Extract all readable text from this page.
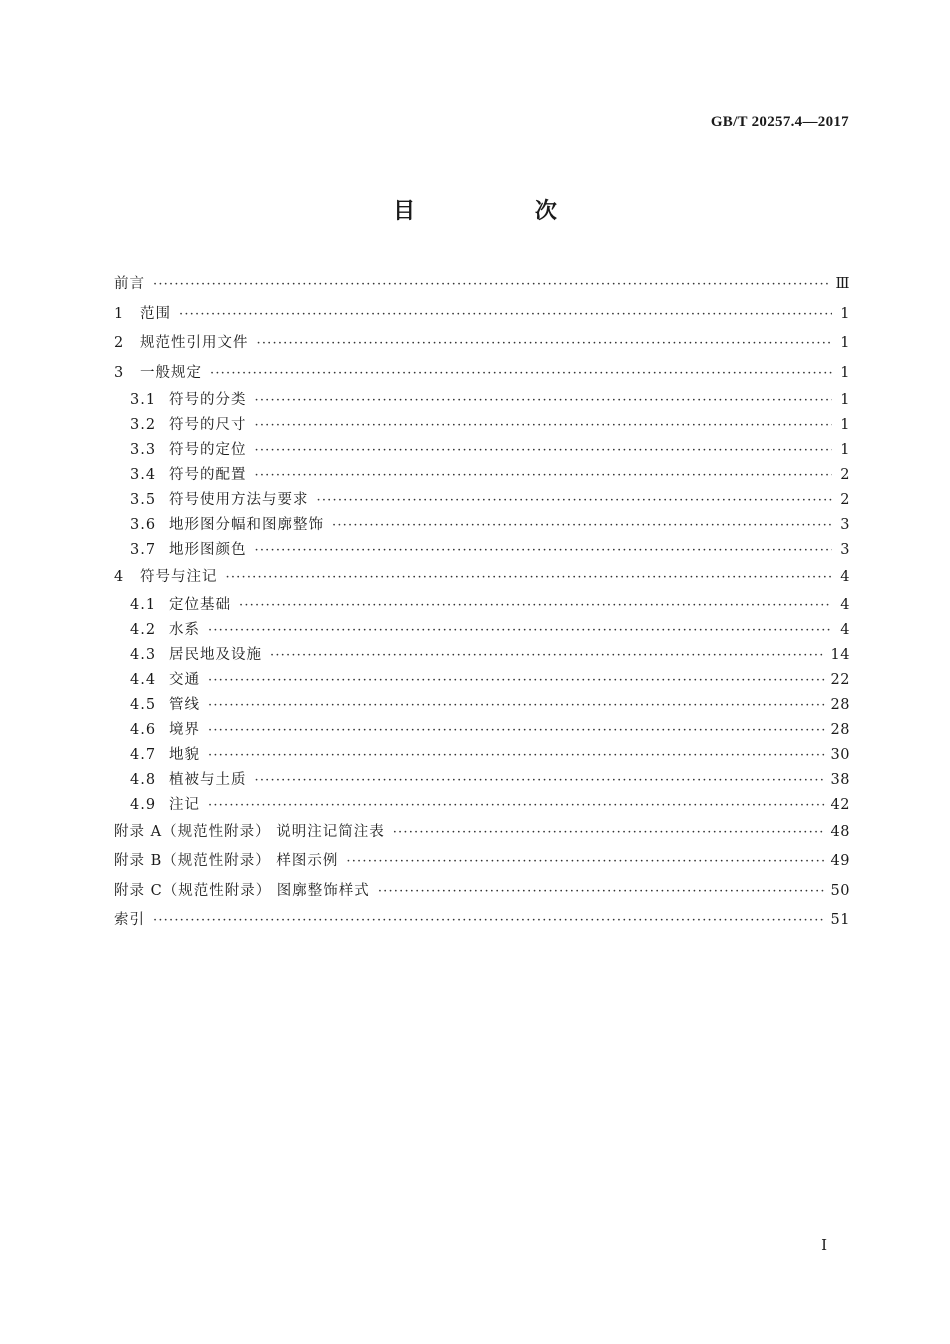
GB/T 20257.4—2017
目 次
前言 ·····	Ⅲ
1	范围 ·····	1
2	规范性引用文件 ·····	1
3	一般规定 ·····	1
3.1 符号的分类 ·····	1
3.2 符号的尺寸 ·····	1
3.3 符号的定位 ·····	1
3.4 符号的配置 ·····	2
3.5 符号使用方法与要求 ·····	2
3.6 地形图分幅和图廓整饰 ·····	3
3.7 地形图颜色 ·····	3
4	符号与注记 ·····	4
4.1 定位基础 ·····	4
4.2 水系 ·····	4
4.3 居民地及设施 ·····	14
4.4 交通 ·····	22
4.5 管线 ·····	28
4.6 境界 ·····	28
4.7 地貌 ·····	30
4.8 植被与土质 ·····	38
4.9 注记 ·····	42
附录 A（规范性附录） 说明注记简注表 ·····	48
附录 B（规范性附录） 样图示例 ·····	49
附录 C（规范性附录） 图廓整饰样式 ·····	50
索引 ·····	51
Ⅰ
